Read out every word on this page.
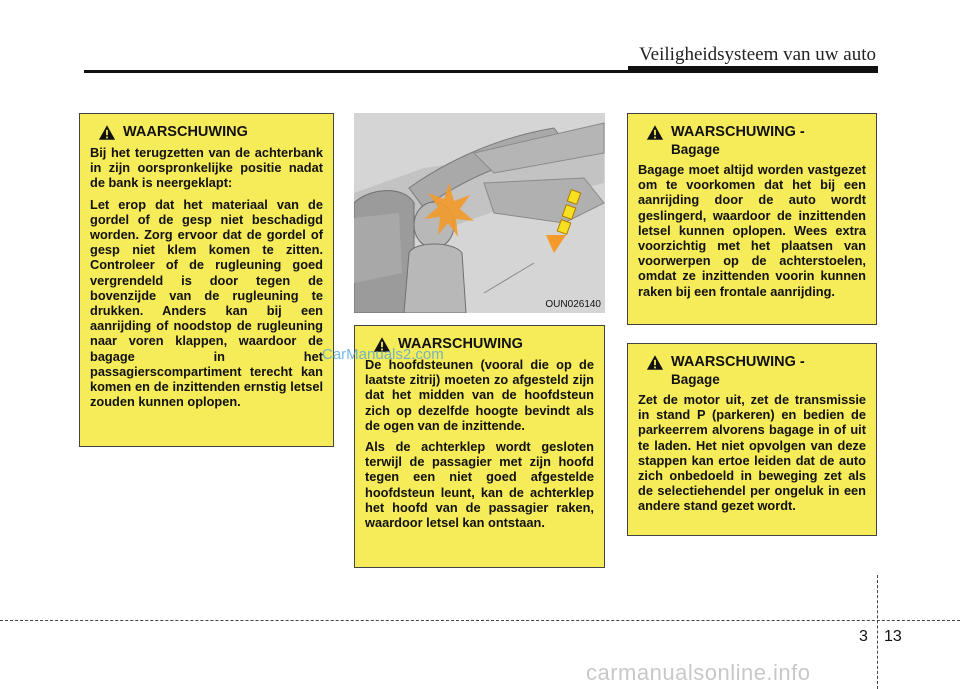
Veiligheidsysteem van uw auto
WAARSCHUWING

Bij het terugzetten van de achterbank in zijn oorspronkelijke positie nadat de bank is neergeklapt:

Let erop dat het materiaal van de gordel of de gesp niet beschadigd worden. Zorg ervoor dat de gordel of gesp niet klem komen te zitten. Controleer of de rugleuning goed vergrendeld is door tegen de bovenzijde van de rugleuning te drukken. Anders kan bij een aanrijding of noodstop de rugleuning naar voren klappen, waardoor de bagage in het passagierscompartiment terecht kan komen en de inzittenden ernstig letsel zouden kunnen oplopen.

OUN026140
WAARSCHUWING

De hoofdsteunen (vooral die op de laatste zitrij) moeten zo afgesteld zijn dat het midden van de hoofdsteun zich op dezelfde hoogte bevindt als de ogen van de inzittende.

Als de achterklep wordt gesloten terwijl de passagier met zijn hoofd tegen een niet goed afgestelde hoofdsteun leunt, kan de achterklep het hoofd van de passagier raken, waardoor letsel kan ontstaan.

WAARSCHUWING -
Bagage

Bagage moet altijd worden vastgezet om te voorkomen dat het bij een aanrijding door de auto wordt geslingerd, waardoor de inzittenden letsel kunnen oplopen. Wees extra voorzichtig met het plaatsen van voorwerpen op de achterstoelen, omdat ze inzittenden voorin kunnen raken bij een frontale aanrijding.

WAARSCHUWING -
Bagage

Zet de motor uit, zet de transmissie in stand P (parkeren) en bedien de parkeerrem alvorens bagage in of uit te laden. Het niet opvolgen van deze stappen kan ertoe leiden dat de auto zich onbedoeld in beweging zet als de selectiehendel per ongeluk in een andere stand gezet wordt.

CarManuals2.com
3 13
carmanualsonline.info
